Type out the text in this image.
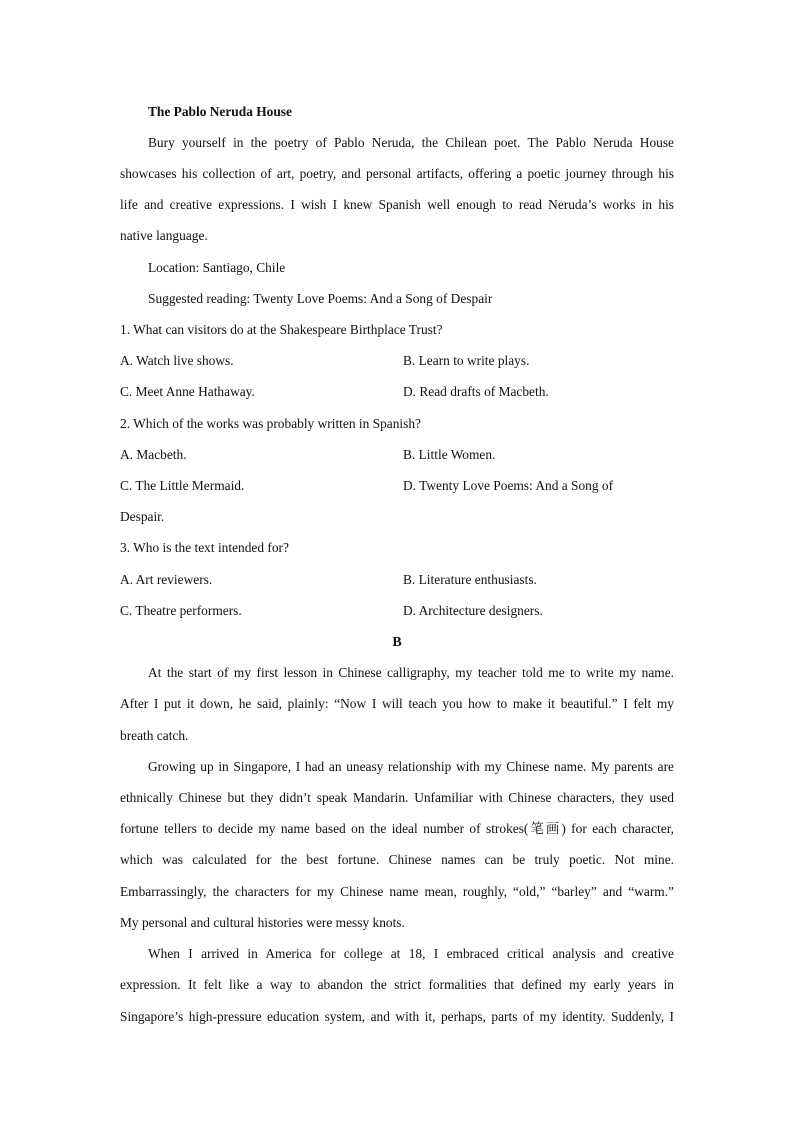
The Pablo Neruda House
Bury yourself in the poetry of Pablo Neruda, the Chilean poet. The Pablo Neruda House
showcases his collection of art, poetry, and personal artifacts, offering a poetic journey through his
life and creative expressions. I wish I knew Spanish well enough to read Neruda’s works in his
native language.
Location: Santiago, Chile
Suggested reading: Twenty Love Poems: And a Song of Despair
1. What can visitors do at the Shakespeare Birthplace Trust?
A. Watch live shows.	B. Learn to write plays.
C. Meet Anne Hathaway.	D. Read drafts of Macbeth.
2. Which of the works was probably written in Spanish?
A. Macbeth.	B. Little Women.
C. The Little Mermaid.	D. Twenty Love Poems: And a Song of
Despair.
3. Who is the text intended for?
A. Art reviewers.	B. Literature enthusiasts.
C. Theatre performers.	D. Architecture designers.
B
At the start of my first lesson in Chinese calligraphy, my teacher told me to write my name.
After I put it down, he said, plainly: “Now I will teach you how to make it beautiful.” I felt my
breath catch.
Growing up in Singapore, I had an uneasy relationship with my Chinese name. My parents are
ethnically Chinese but they didn’t speak Mandarin. Unfamiliar with Chinese characters, they used
fortune tellers to decide my name based on the ideal number of strokes(笔画) for each character,
which was calculated for the best fortune. Chinese names can be truly poetic. Not mine.
Embarrassingly, the characters for my Chinese name mean, roughly, “old,” “barley” and “warm.”
My personal and cultural histories were messy knots.
When I arrived in America for college at 18, I embraced critical analysis and creative
expression. It felt like a way to abandon the strict formalities that defined my early years in
Singapore’s high-pressure education system, and with it, perhaps, parts of my identity. Suddenly, I
